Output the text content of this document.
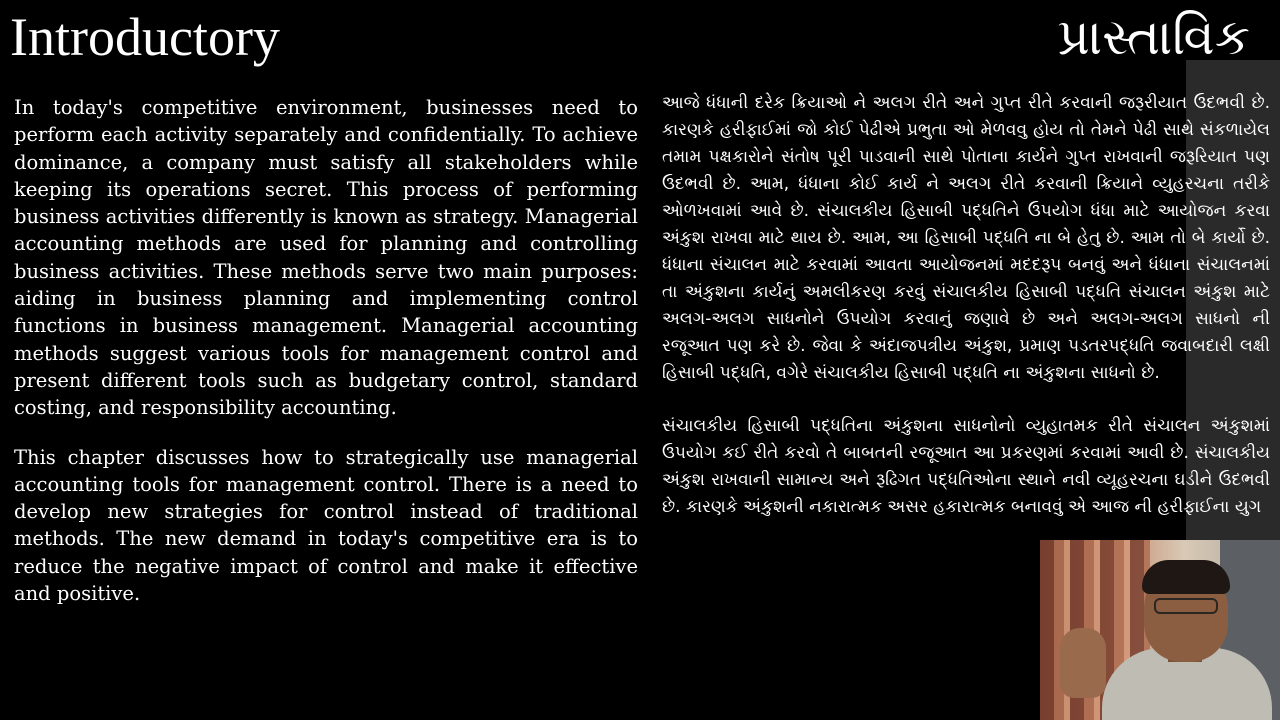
Introductory	પ્રાસ્તાવિક

In today's competitive environment, businesses need to perform each activity separately and confidentially. To achieve dominance, a company must satisfy all stakeholders while keeping its operations secret. This process of performing business activities differently is known as strategy. Managerial accounting methods are used for planning and controlling business activities. These methods serve two main purposes: aiding in business planning and implementing control functions in business management. Managerial accounting methods suggest various tools for management control and present different tools such as budgetary control, standard costing, and responsibility accounting.

This chapter discusses how to strategically use managerial accounting tools for management control. There is a need to develop new strategies for control instead of traditional methods. The new demand in today's competitive era is to reduce the negative impact of control and make it effective and positive.

આજે ધંધાની દરેક ક્રિયાઓ ને અલગ રીતે અને ગુપ્ત રીતે કરવાની જરૂરીયાત ઉદભવી છે. કારણકે હરીફાઈમાં જો કોઈ પેઢીએ પ્રભુતા ઓ મેળવવુ હોય તો તેમને પેઢી સાથે સંકળાયેલ તમામ પક્ષકારોને સંતોષ પૂરી પાડવાની સાથે પોતાના કાર્યને ગુપ્ત રાખવાની જરૂરિયાત પણ ઉદભવી છે. આમ, ધંધાના કોઈ કાર્ય ને અલગ રીતે કરવાની ક્રિયાને વ્યુહરચના તરીકે ઓળખવામાં આવે છે. સંચાલકીય હિસાબી પદ્ધતિને ઉપયોગ ધંધા માટે આયોજન કરવા અંકુશ રાખવા માટે થાય છે. આમ, આ હિસાબી પદ્ધતિ ના બે હેતુ છે. આમ તો બે કાર્યો છે. ધંધાના સંચાલન માટે કરવામાં આવતા આયોજનમાં મદદરૂપ બનવું અને ધંધાના સંચાલનમાં તા અંકુશના કાર્યનું અમલીકરણ કરવું સંચાલકીય હિસાબી પદ્ધતિ સંચાલન અંકુશ માટે અલગ-અલગ સાધનોને ઉપયોગ કરવાનું જણાવે છે અને અલગ-અલગ સાધનો ની રજૂઆત પણ કરે છે. જેવા કે અંદાજપત્રીય અંકુશ, પ્રમાણ પડતરપદ્ધતિ જવાબદારી લક્ષી હિસાબી પદ્ધતિ, વગેરે સંચાલકીય હિસાબી પદ્ધતિ ના અંકુશના સાધનો છે.

સંચાલકીય હિસાબી પદ્ધતિના અંકુશના સાધનોનો વ્યુહાતમક રીતે સંચાલન અંકુશમાં ઉપયોગ કઈ રીતે કરવો તે બાબતની રજૂઆત આ પ્રકરણમાં કરવામાં આવી છે. સંચાલકીય અંકુશ રાખવાની સામાન્ય અને રૂઢિગત પદ્ધતિઓના સ્થાને નવી વ્યૂહરચના ઘડીને ઉદભવી છે. કારણકે અંકુશની નકારાત્મક અસર હકારાત્મક બનાવવું એ આજ ની હરીફાઈના યુગ
